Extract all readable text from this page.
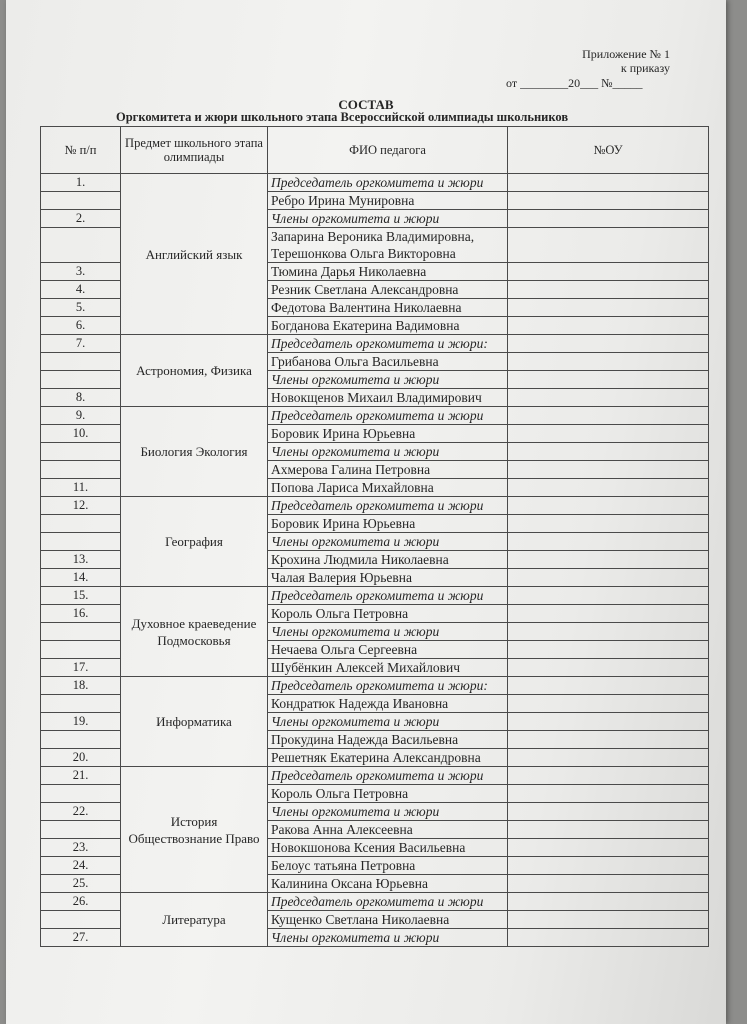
Приложение № 1
к приказу
от ________20___ №_____
СОСТАВ
Оргкомитета и жюри школьного этапа Всероссийской олимпиады школьников
№ п/п	Предмет школьного этапа олимпиады	ФИО педагога	№ОУ
1.	Английский язык	Председатель оргкомитета и жюри	
		Ребро Ирина Мунировна	
2.		Члены оргкомитета и жюри	
		Запарина Вероника Владимировна, Терешонкова Ольга Викторовна	
3.		Тюмина Дарья Николаевна	
4.		Резник Светлана Александровна	
5.		Федотова Валентина Николаевна	
6.		Богданова Екатерина Вадимовна	
7.	Астрономия, Физика	Председатель оргкомитета и жюри:	
		Грибанова Ольга Васильевна	
		Члены оргкомитета и жюри	
8.		Новокщенов Михаил Владимирович	
9.	Биология Экология	Председатель оргкомитета и жюри	
10.		Боровик Ирина Юрьевна	
		Члены оргкомитета и жюри	
		Ахмерова Галина Петровна	
11.		Попова Лариса Михайловна	
12.	География	Председатель оргкомитета и жюри	
		Боровик Ирина Юрьевна	
		Члены оргкомитета и жюри	
13.		Крохина Людмила Николаевна	
14.		Чалая Валерия Юрьевна	
15.	Духовное краеведение Подмосковья	Председатель оргкомитета и жюри	
16.		Король Ольга Петровна	
		Члены оргкомитета и жюри	
		Нечаева Ольга Сергеевна	
17.		Шубёнкин Алексей Михайлович	
18.	Информатика	Председатель оргкомитета и жюри:	
		Кондратюк Надежда Ивановна	
19.		Члены оргкомитета и жюри	
		Прокудина Надежда Васильевна	
20.		Решетняк Екатерина Александровна	
21.	История Обществознание Право	Председатель оргкомитета и жюри	
		Король Ольга Петровна	
22.		Члены оргкомитета и жюри	
		Ракова Анна Алексеевна	
23.		Новокшонова Ксения Васильевна	
24.		Белоус татьяна Петровна	
25.		Калинина Оксана Юрьевна	
26.	Литература	Председатель оргкомитета и жюри	
		Кущенко Светлана Николаевна	
27.		Члены оргкомитета и жюри	
